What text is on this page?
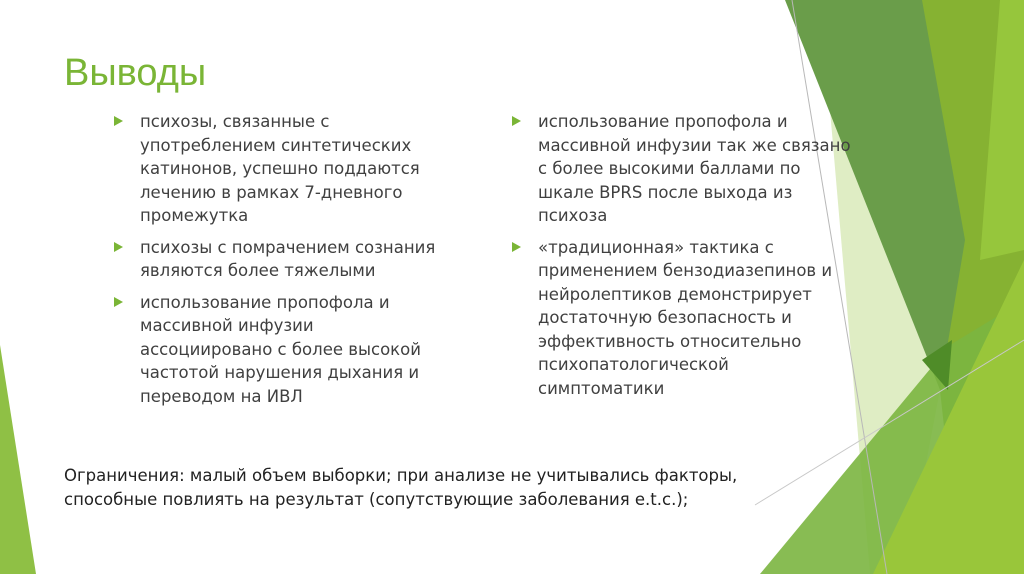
Выводы
психозы, связанные с употреблением синтетических катинонов, успешно поддаются лечению в рамках 7-дневного промежутка
психозы с помрачением сознания являются более тяжелыми
использование пропофола и массивной инфузии ассоциировано с более высокой частотой нарушения дыхания и переводом на ИВЛ
использование пропофола и массивной инфузии так же связано с более высокими баллами по шкале BPRS после выхода из психоза
«традиционная» тактика с применением бензодиазепинов и нейролептиков демонстрирует достаточную безопасность и эффективность относительно психопатологической симптоматики
Ограничения: малый объем выборки; при анализе не учитывались факторы, способные повлиять на результат (сопутствующие заболевания e.t.c.);
